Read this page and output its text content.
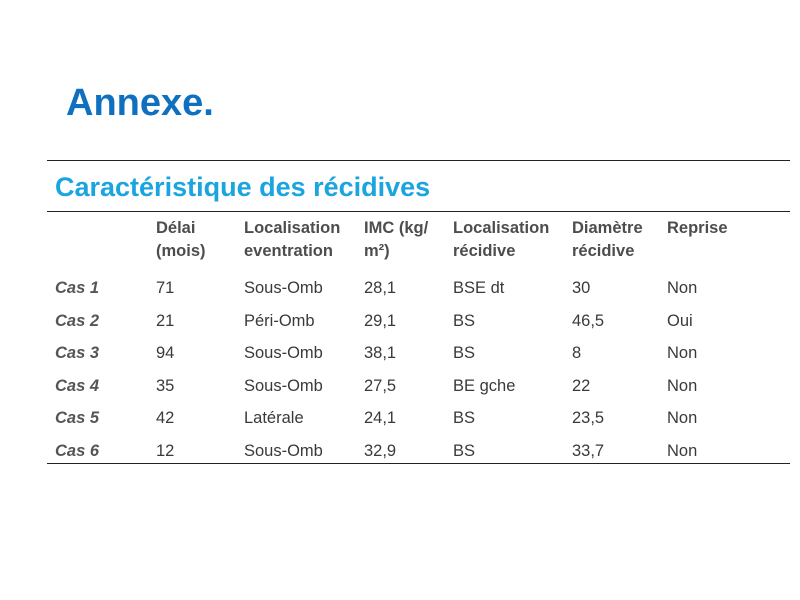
Annexe.
Caractéristique des récidives
	Délai (mois)	Localisation eventration	IMC (kg/ m²)	Localisation récidive	Diamètre récidive	Reprise
Cas 1	71	Sous-Omb	28,1	BSE dt	30	Non
Cas 2	21	Péri-Omb	29,1	BS	46,5	Oui
Cas 3	94	Sous-Omb	38,1	BS	8	Non
Cas 4	35	Sous-Omb	27,5	BE gche	22	Non
Cas 5	42	Latérale	24,1	BS	23,5	Non
Cas 6	12	Sous-Omb	32,9	BS	33,7	Non
